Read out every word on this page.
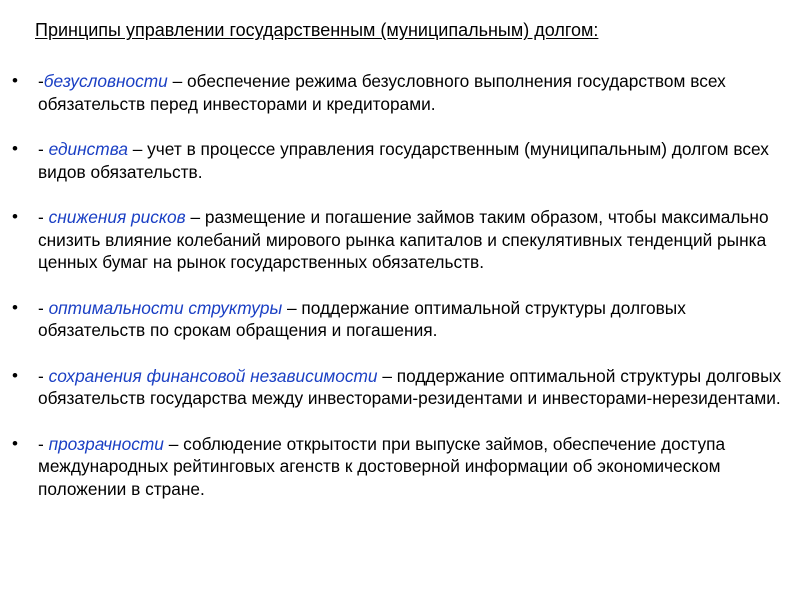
Принципы управлении государственным (муниципальным) долгом:
• -безусловности – обеспечение режима безусловного выполнения государством всех обязательств перед инвесторами и кредиторами.
• - единства – учет в процессе управления государственным (муниципальным) долгом всех видов обязательств.
• - снижения рисков – размещение и погашение займов таким образом, чтобы максимально снизить влияние колебаний мирового рынка капиталов и спекулятивных тенденций рынка ценных бумаг на рынок государственных обязательств.
• - оптимальности структуры – поддержание оптимальной структуры долговых обязательств по срокам обращения и погашения.
• - сохранения финансовой независимости – поддержание оптимальной структуры долговых обязательств государства между инвесторами-резидентами и инвесторами-нерезидентами.
• - прозрачности – соблюдение открытости при выпуске займов, обеспечение доступа международных рейтинговых агенств к достоверной информации об экономическом положении в стране.
